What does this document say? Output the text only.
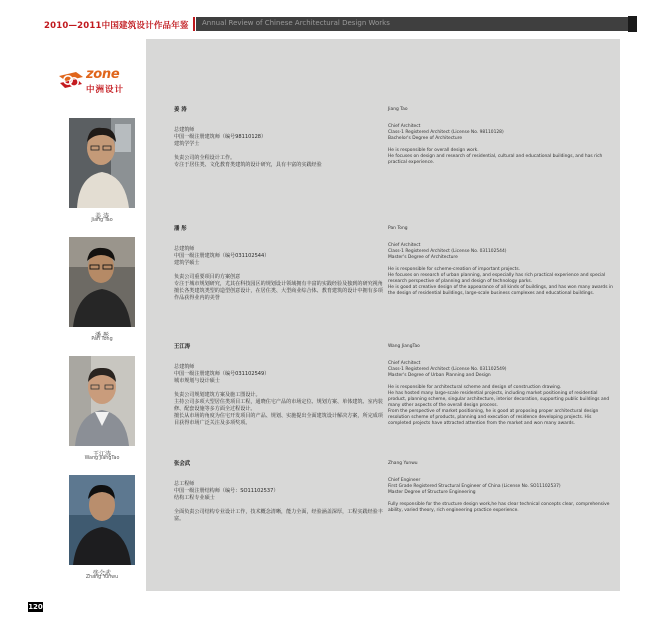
2010—2011中国建筑设计作品年鉴 Annual Review of Chinese Architectural Design Works
zone
中洲设计
姜 涛
Jiang Tao
潘 彤
Pan Tong
王江涛
Wang JiangTao
张会武
Zhang Yunwu
姜 涛
总建筑师
中国一级注册建筑师（编号98110128）
建筑学学士
负责公司的全程设计工作。
专注于居住类、文化教育类建筑的设计研究，具有丰富的实践经验
Jiang Tao
Chief Architect
Class-1 Registered Architect (License No. 98110128)
Bachelor's Degree of Architecture
He is responsible for overall design work.
He focuses on design and research of residential, cultural and educational buildings, and has rich practical experience.
潘 彤
总建筑师
中国一级注册建筑师（编号031102544）
建筑学硕士
负责公司重要项目的方案创意
专注于城市规划研究，尤其在科技园区的规划设计领域拥有丰富的实践经验及独到的研究视角
擅长各类建筑类型的造型创意设计，在居住类、大型商业综合体、教育建筑的设计中拥有多项作品获得业内的美誉
Pan Tong
Chief Architect
Class-1 Registered Architect (License No. 031102544)
Master's Degree of Architecture
He is responsible for scheme-creation of important projects.
He focuses on research of urban planning, and especially has rich practical experience and special research perspective of planning and design of technology parks.
He is good at creative design of the appearance of all kinds of buildings, and has won many awards in the design of residential buildings, large-scale business complexes and educational buildings.
王江涛
总建筑师
中国一级注册建筑师（编号031102549）
城市规划与设计硕士
负责公司规划建筑方案及施工图设计。
主持公司多项大型居住类项目工程，通晓住宅产品的市场定位、规划方案、单体建筑、室内装修、配套设施等多方面全过程设计。
擅长从市场的角度为住宅开发项目的产品、规划、实施提出全面建筑设计解决方案，所完成项目获得市场广泛关注及多项奖项。
Wang JiangTao
Chief Architect
Class-1 Registered Architect (License No. 031102549)
Master's Degree of Urban Planning and Design
He is responsible for architectural scheme and design of construction drawing.
He has hosted many large-scale residential projects, including market positioning of residential product, planning scheme, singular architecture, interior decoration, supporting public buildings and many other aspects of the overall design process.
From the perspective of market positioning, he is good at proposing proper architectural design resolution scheme of products, planning and execution of residence developing projects. His completed projects have attracted attention from the market and won many awards.
张会武
总工程师
中国一级注册结构师（编号：SO11102537）
结构工程专业硕士
全面负责公司结构专业设计工作，技术概念清晰，能力全面，经验涵盖深厚，工程实践经验丰富。
Zhang Yunwu
Chief Engineer
First Grade Registered Structural Engineer of China (License No. SO11102537)
Master Degree of Structure Engineering
Fully responsible for the structure design work,he has clear technical concepts clear, comprehensive ability, varied theory, rich engineering practice experience.
120
